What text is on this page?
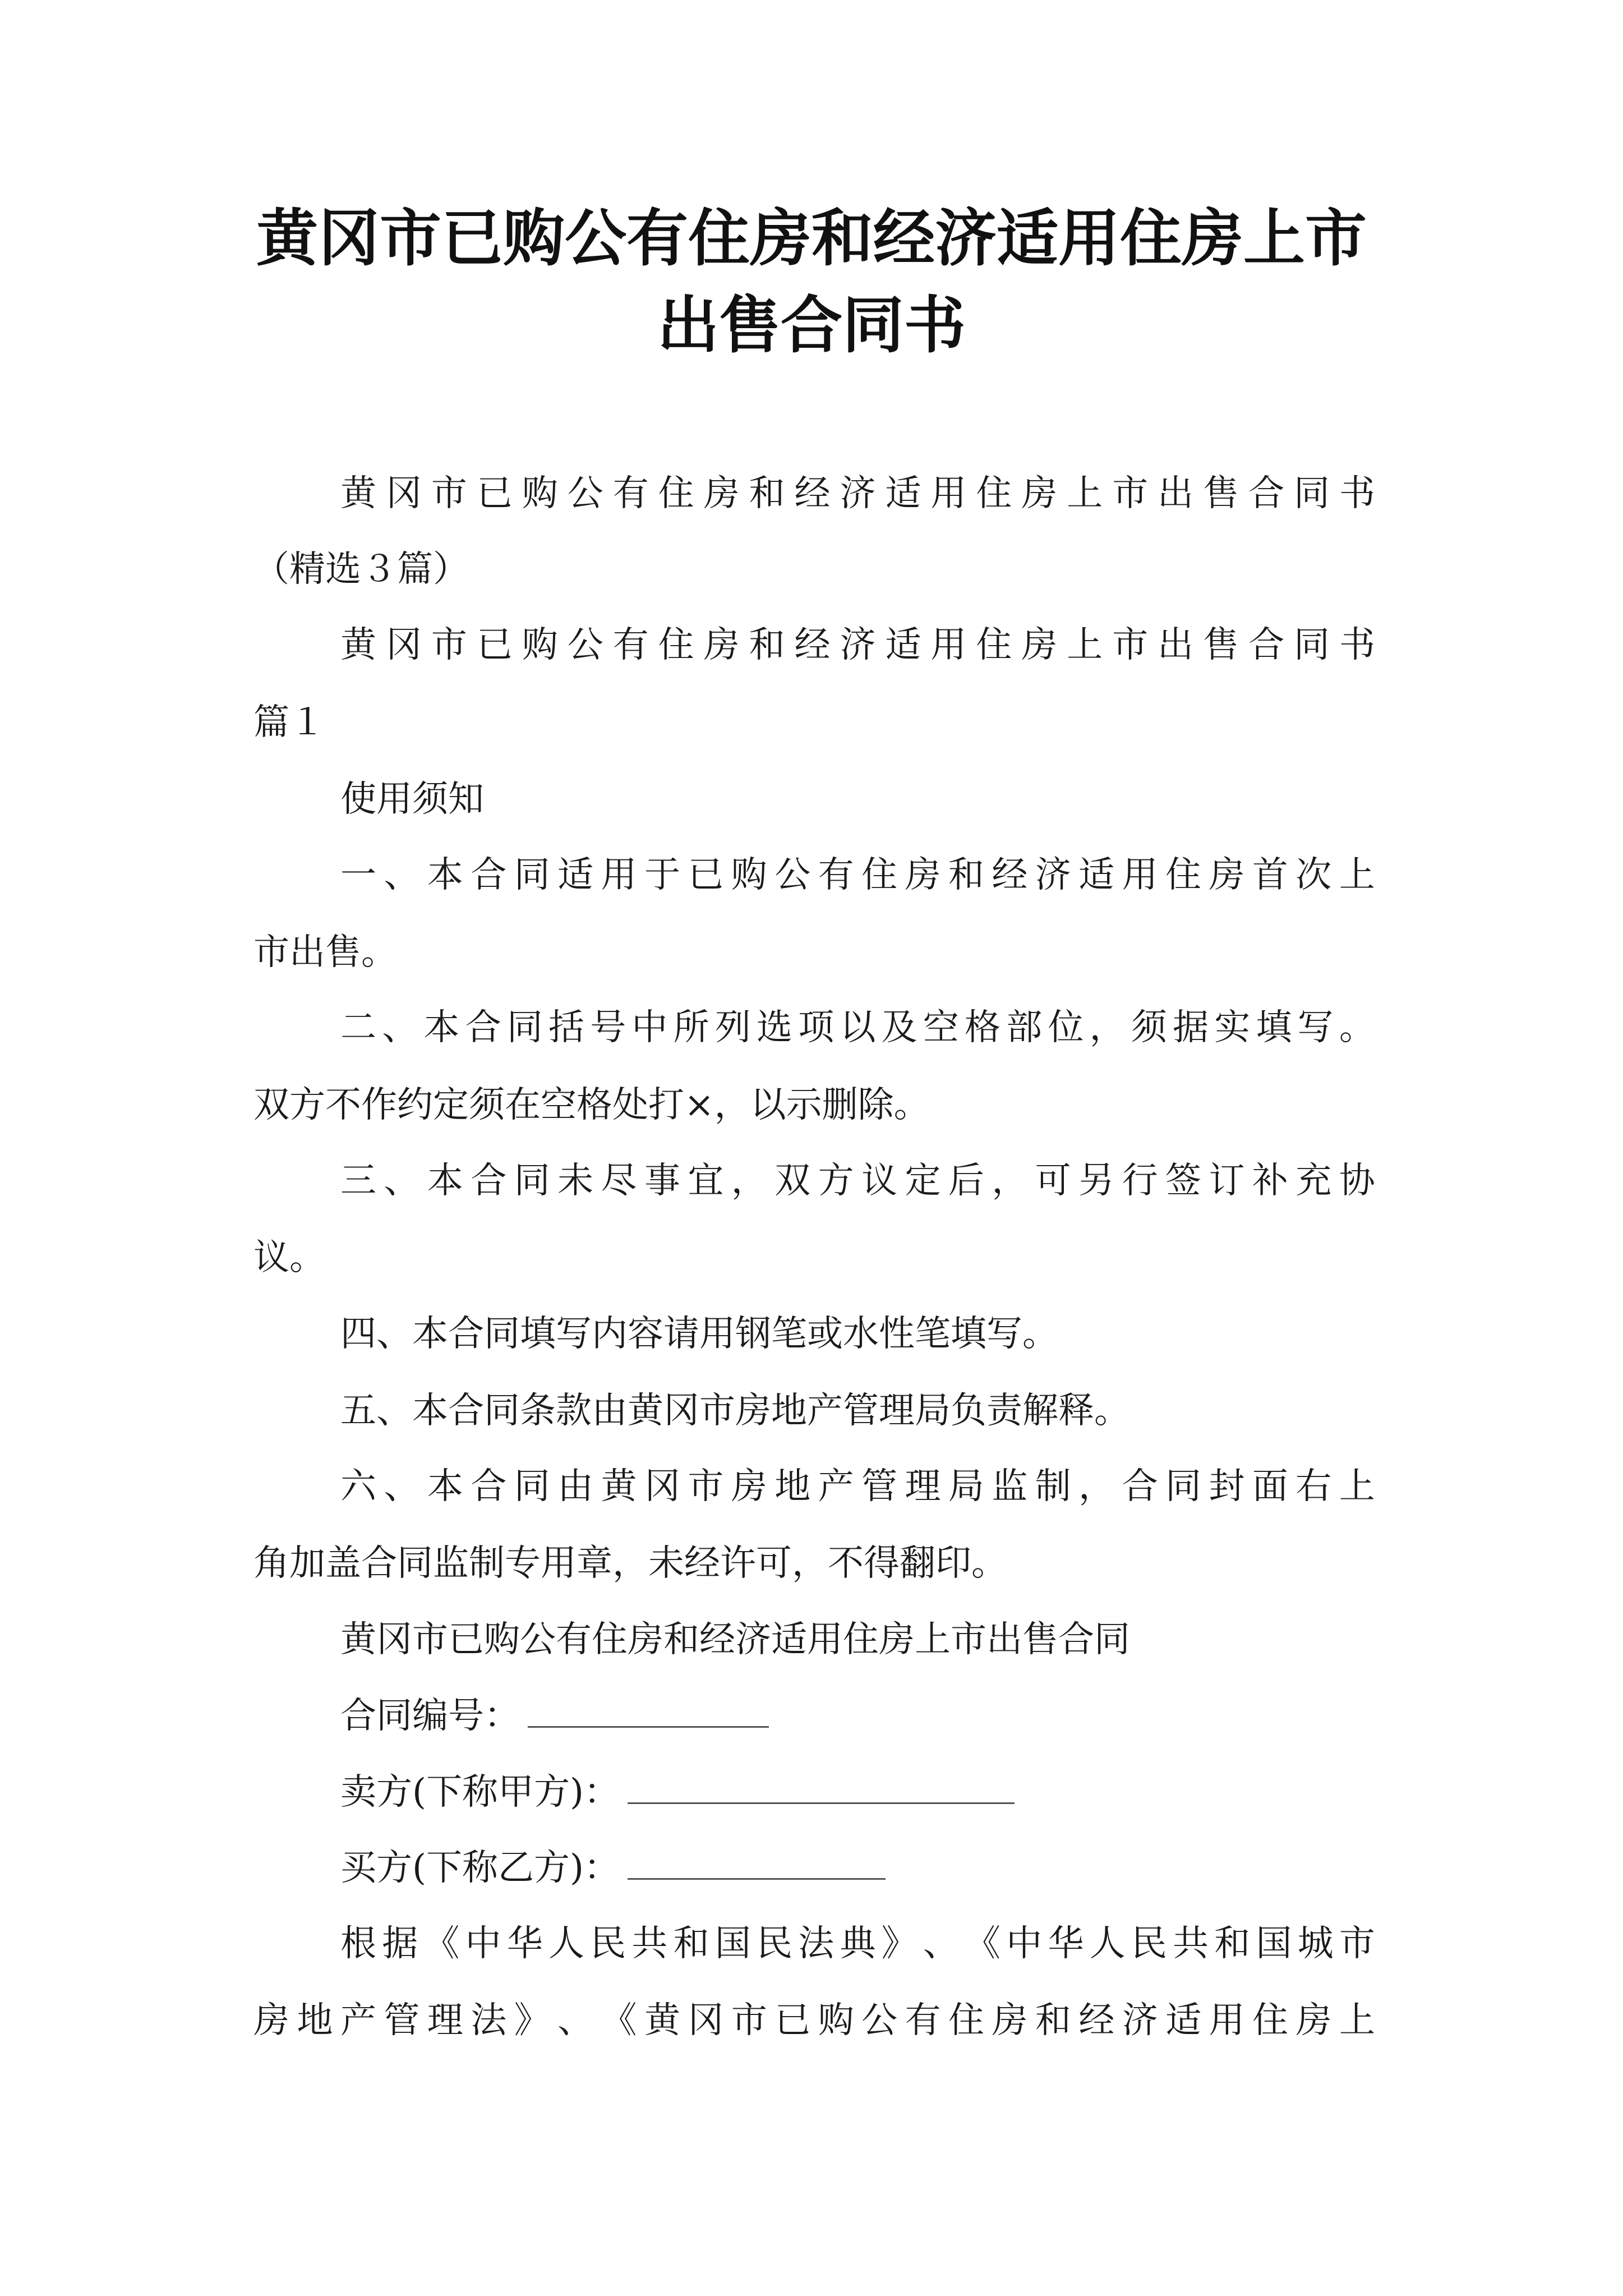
黄冈市已购公有住房和经济适用住房上市
出售合同书
黄 冈 市 已 购 公 有 住 房 和 经 济 适 用 住 房 上 市 出 售 合 同 书
（精选３篇）
黄 冈 市 已 购 公 有 住 房 和 经 济 适 用 住 房 上 市 出 售 合 同 书
篇１
使用须知
一 、 本 合 同 适 用 于 已 购 公 有 住 房 和 经 济 适 用 住 房 首 次 上
市出售。
二 、 本 合 同 括 号 中 所 列 选 项 以 及 空 格 部 位 ， 须 据 实 填 写 。
双方不作约定须在空格处打×，以示删除。
三 、 本 合 同 未 尽 事 宜 ， 双 方 议 定 后 ， 可 另 行 签 订 补 充 协
议。
四、本合同填写内容请用钢笔或水性笔填写。
五、本合同条款由黄冈市房地产管理局负责解释。
六 、 本 合 同 由 黄 冈 市 房 地 产 管 理 局 监 制 ， 合 同 封 面 右 上
角加盖合同监制专用章，未经许可，不得翻印。
黄冈市已购公有住房和经济适用住房上市出售合同
合同编号：
卖方(下称甲方)：
买方(下称乙方)：
根 据 《 中 华 人 民 共 和 国 民 法 典 》 、 《 中 华 人 民 共 和 国 城 市
房 地 产 管 理 法 》 、 《 黄 冈 市 已 购 公 有 住 房 和 经 济 适 用 住 房 上
